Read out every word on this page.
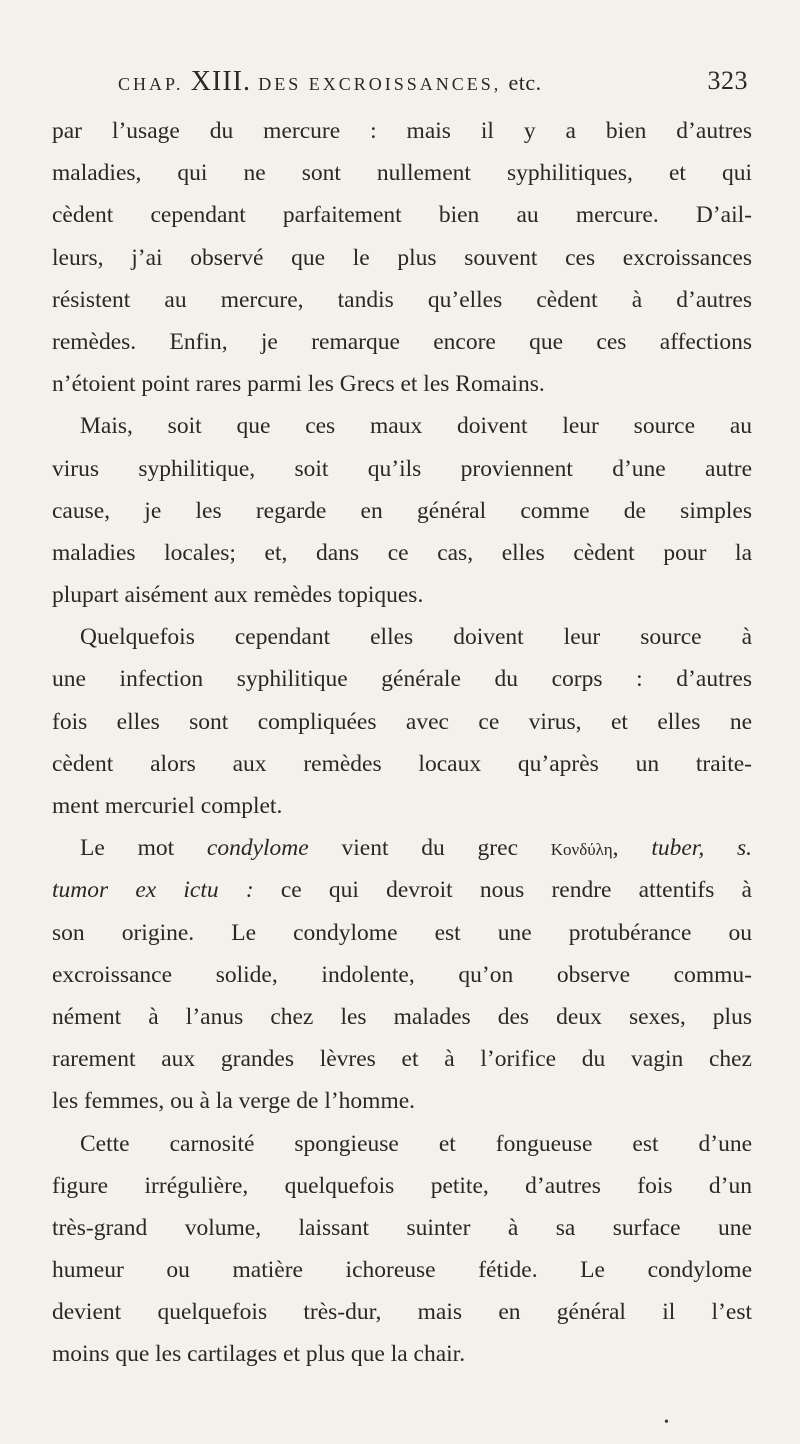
CHAP. XIII. DES EXCROISSANCES, etc.	323
par l’usage du mercure : mais il y a bien d’autres
maladies, qui ne sont nullement syphilitiques, et qui
cèdent cependant parfaitement bien au mercure. D’ail-
leurs, j’ai observé que le plus souvent ces excroissances
résistent au mercure, tandis qu’elles cèdent à d’autres
remèdes. Enfin, je remarque encore que ces affections
n’étoient point rares parmi les Grecs et les Romains.
Mais, soit que ces maux doivent leur source au
virus syphilitique, soit qu’ils proviennent d’une autre
cause, je les regarde en général comme de simples
maladies locales; et, dans ce cas, elles cèdent pour la
plupart aisément aux remèdes topiques.
Quelquefois cependant elles doivent leur source à
une infection syphilitique générale du corps : d’autres
fois elles sont compliquées avec ce virus, et elles ne
cèdent alors aux remèdes locaux qu’après un traite-
ment mercuriel complet.
Le mot condylome vient du grec Κονδύλη, tuber, s.
tumor ex ictu : ce qui devroit nous rendre attentifs à
son origine. Le condylome est une protubérance ou
excroissance solide, indolente, qu’on observe commu-
nément à l’anus chez les malades des deux sexes, plus
rarement aux grandes lèvres et à l’orifice du vagin chez
les femmes, ou à la verge de l’homme.
Cette carnosité spongieuse et fongueuse est d’une
figure irrégulière, quelquefois petite, d’autres fois d’un
très-grand volume, laissant suinter à sa surface une
humeur ou matière ichoreuse fétide. Le condylome
devient quelquefois très-dur, mais en général il l’est
moins que les cartilages et plus que la chair.
•
